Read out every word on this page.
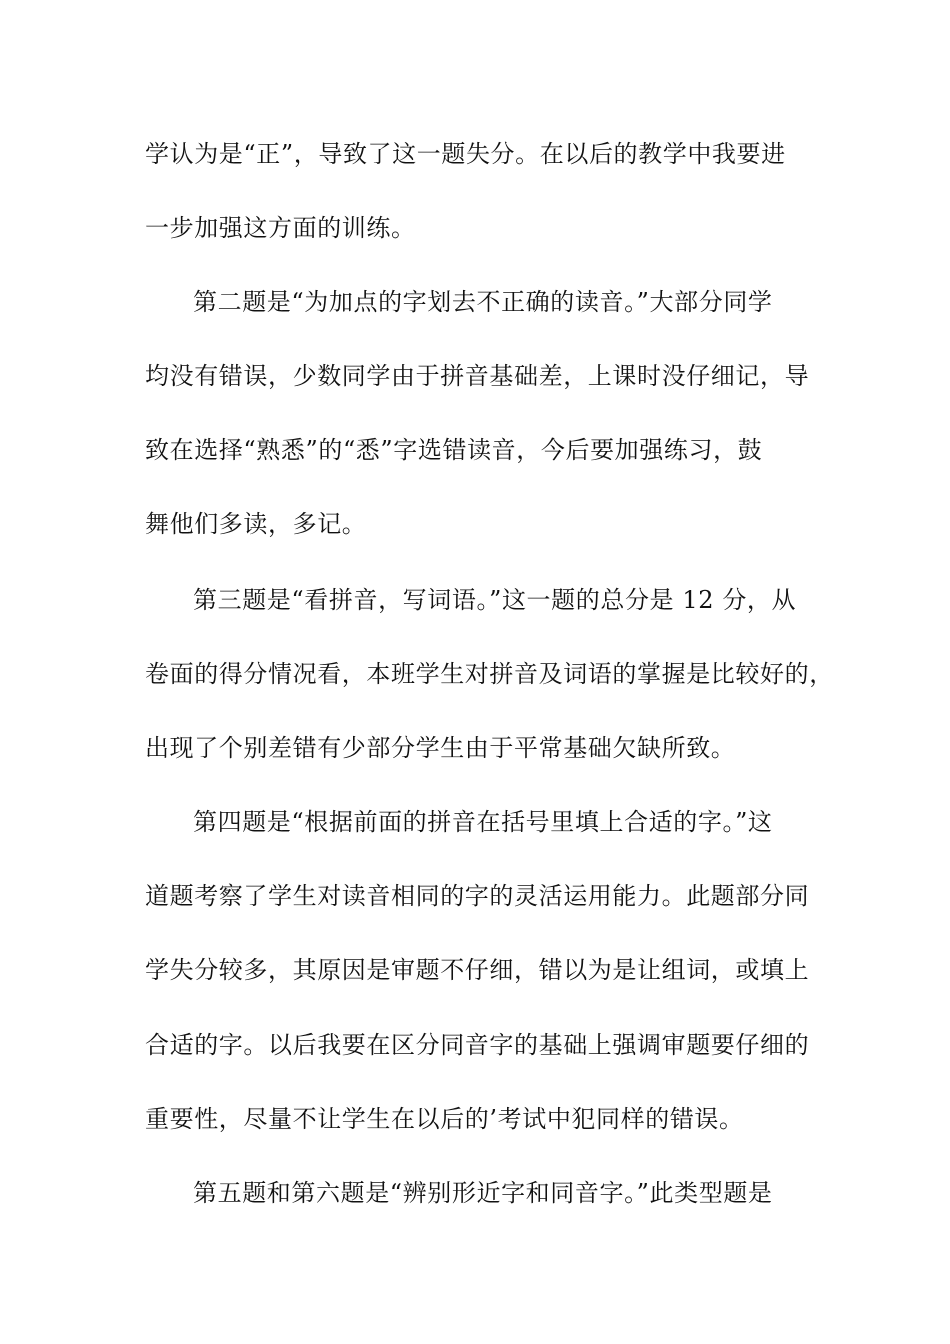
学认为是“正”，导致了这一题失分。在以后的教学中我要进
一步加强这方面的训练。
第二题是“为加点的字划去不正确的读音。”大部分同学
均没有错误，少数同学由于拼音基础差，上课时没仔细记，导
致在选择“熟悉”的“悉”字选错读音，今后要加强练习，鼓
舞他们多读，多记。
第三题是“看拼音，写词语。”这一题的总分是 12 分，从
卷面的得分情况看，本班学生对拼音及词语的掌握是比较好的，
出现了个别差错有少部分学生由于平常基础欠缺所致。
第四题是“根据前面的拼音在括号里填上合适的字。”这
道题考察了学生对读音相同的字的灵活运用能力。此题部分同
学失分较多，其原因是审题不仔细，错以为是让组词，或填上
合适的字。以后我要在区分同音字的基础上强调审题要仔细的
重要性，尽量不让学生在以后的’考试中犯同样的错误。
第五题和第六题是“辨别形近字和同音字。”此类型题是
